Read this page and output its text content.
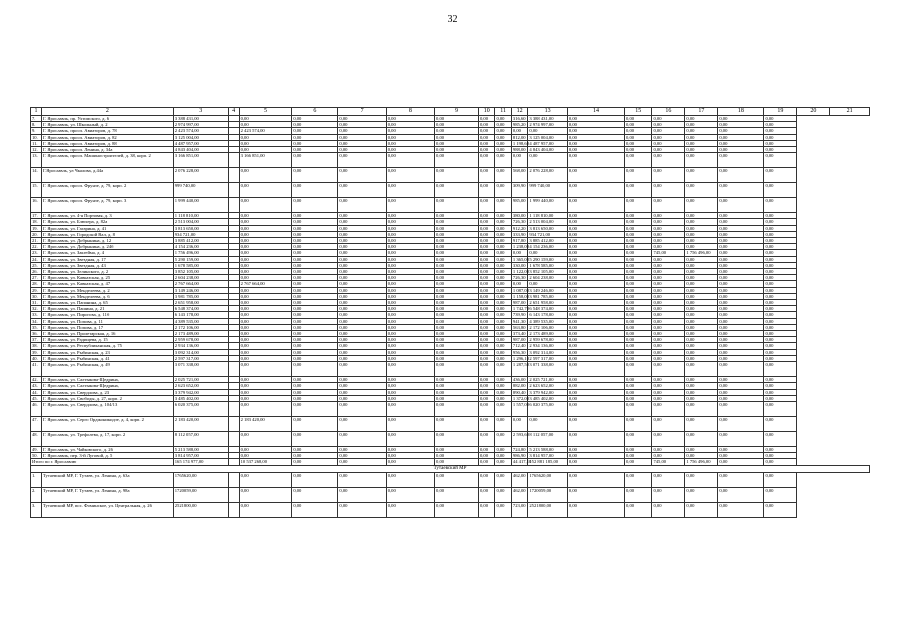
32
1	2	3	4	5	6	7	8	9	10	11	12	13	14	15	16	17	18	19	20	21
7.	Г. Ярославль, пр. Ухтомского, д. 6	3 388 431,00		0,00	0,00	0,00	0,00	0,00	0,00	0,00	316,60	3 388 431,00	0,00	0,00	0,00	0,00	0,00	0,00		
8.	Г. Ярославль, ул. Школьный, д. 2	2 974 997,00		0,00	0,00	0,00	0,00	0,00	0,00	0,00	985,20	2 974 997,00	0,00	0,00	0,00	0,00	0,00	0,00		
9.	Г. Ярославль, просп. Авиаторов, д. 78	2 423 574,00		2 423 574,00	0,00	0,00	0,00	0,00	0,00	0,00	0,00	0,00	0,00	0,00	0,00	0,00	0,00	0,00		
10.	Г. Ярославль, просп. Авиаторов, д. 82	3 125 004,00		0,00	0,00	0,00	0,00	0,00	0,00	0,00	812,00	3 125 004,00	0,00	0,00	0,00	0,00	0,00	0,00		
11.	Г. Ярославль, просп. Авиаторов, д. 88	4 487 957,00		0,00	0,00	0,00	0,00	0,00	0,00	0,00	1 198,60	4 487 957,00	0,00	0,00	0,00	0,00	0,00	0,00		
12.	Г. Ярославль, просп. Ленина, д. 34а	4 843 404,00		0,00	0,00	0,00	0,00	0,00	0,00	0,00	988,00	4 843 404,00	0,00	0,00	0,00	0,00	0,00	0,00		
13.	Г. Ярославль, просп. Машиностроителей, д. 38, корп. 2	3 166 851,00		3 166 851,00	0,00	0,00	0,00	0,00	0,00	0,00	0,00	0,00	0,00	0,00	0,00	0,00	0,00	0,00		
14.	Г.Ярославль, ул Чкалова, д.44а	2 076 228,00		0,00	0,00	0,00	0,00	0,00	0,00	0,00	568,00	2 076 228,00	0,00	0,00	0,00	0,00	0,00	0,00		
15.	Г. Ярославль, просп. Фрунзе, д. 79, корп. 2	999 740,00		0,00	0,00	0,00	0,00	0,00	0,00	0,00	309,90	999 740,00	0,00	0,00	0,00	0,00	0,00	0,00		
16.	Г. Ярославль, просп. Фрунзе, д. 79, корп. 3	1 999 440,00		0,00	0,00	0,00	0,00	0,00	0,00	0,00	985,00	1 999 440,00	0,00	0,00	0,00	0,00	0,00	0,00		
17.	Г. Ярославль, ул. 4-я Портовая, д. 3	1 118 810,00		0,00	0,00	0,00	0,00	0,00	0,00	0,00	380,00	1 118 810,00	0,00	0,00	0,00	0,00	0,00	0,00		
18.	Г. Ярославль, ул. Блюхера, д. 82а	2 513 004,00		0,00	0,00	0,00	0,00	0,00	0,00	0,00	726,30	2 513 004,00	0,00	0,00	0,00	0,00	0,00	0,00		
19.	Г. Ярославль, ул. Гагарина, д. 41	3 813 650,00		0,00	0,00	0,00	0,00	0,00	0,00	0,00	912,20	3 813 650,00	0,00	0,00	0,00	0,00	0,00	0,00		
20.	Г. Ярославль, ул. Городской Вал, д. 8	934 721,00		0,00	0,00	0,00	0,00	0,00	0,00	0,00	333,90	934 721,00	0,00	0,00	0,00	0,00	0,00	0,00		
21.	Г. Ярославль, ул. Добрынина, д. 12	3 885 412,00		0,00	0,00	0,00	0,00	0,00	0,00	0,00	917,80	3 885 412,00	0,00	0,00	0,00	0,00	0,00	0,00		
22.	Г. Ярославль, ул. Добрынина, д. 24б	4 154 236,00		0,00	0,00	0,00	0,00	0,00	0,00	0,00	1 238,00	4 154 236,00	0,00	0,00	0,00	0,00	0,00	0,00		
23.	Г. Ярославль, ул. Закгейма, д. 4	1 756 496,00		0,00	0,00	0,00	0,00	0,00	0,00	0,00	0,00	0,00	0,00	0,00	745,00	1 756 496,00	0,00	0,00		
24.	Г. Ярославль, ул. Звездная, д. 17	5 290 159,00		0,00	0,00	0,00	0,00	0,00	0,00	0,00	1 365,00	5 290 159,00	0,00	0,00	0,00	0,00	0,00	0,00		
25.	Г. Ярославль, ул. Звездная, д. 43	1 678 585,00		0,00	0,00	0,00	0,00	0,00	0,00	0,00	330,00	1 678 585,00	0,00	0,00	0,00	0,00	0,00	0,00		
26.	Г. Ярославль, ул. Зелинского, д. 2	3 852 105,00		0,00	0,00	0,00	0,00	0,00	0,00	0,00	1 122,00	3 852 105,00	0,00	0,00	0,00	0,00	0,00	0,00		
27.	Г. Ярославль, ул. Кавказская, д. 25	2 604 238,00		0,00	0,00	0,00	0,00	0,00	0,00	0,00	726,30	2 604 238,00	0,00	0,00	0,00	0,00	0,00	0,00		
28.	Г. Ярославль, ул. Кавказская, д. 47	2 767 664,00		2 767 664,00	0,00	0,00	0,00	0,00	0,00	0,00	0,00	0,00	0,00	0,00	0,00	0,00	0,00	0,00		
29.	Г. Ярославль, ул. Менделеева, д. 2	3 149 246,00		0,00	0,00	0,00	0,00	0,00	0,00	0,00	1 087,00	3 149 246,00	0,00	0,00	0,00	0,00	0,00	0,00		
30.	Г. Ярославль, ул. Менделеева, д. 6	3 981 785,00		0,00	0,00	0,00	0,00	0,00	0,00	0,00	1 158,00	3 981 785,00	0,00	0,00	0,00	0,00	0,00	0,00		
31.	Г. Ярославль, ул. Папанина, д. 65	2 651 958,00		0,00	0,00	0,00	0,00	0,00	0,00	0,00	987,00	2 651 958,00	0,00	0,00	0,00	0,00	0,00	0,00		
32.	Г. Ярославль, ул. Пашина, д. 21	6 548 374,00		0,00	0,00	0,00	0,00	0,00	0,00	0,00	1 742,70	6 548 374,00	0,00	0,00	0,00	0,00	0,00	0,00		
33.	Г. Ярославль, ул. Пирогова, д. 11б	6 143 178,00		0,00	0,00	0,00	0,00	0,00	0,00	0,00	739,90	6 143 178,00	0,00	0,00	0,00	0,00	0,00	0,00		
34.	Г. Ярославль, ул. Попова, д. 11	4 389 535,00		0,00	0,00	0,00	0,00	0,00	0,00	0,00	941,30	4 389 535,00	0,00	0,00	0,00	0,00	0,00	0,00		
35.	Г. Ярославль, ул. Попова, д. 17	2 172 106,00		0,00	0,00	0,00	0,00	0,00	0,00	0,00	563,80	2 172 106,00	0,00	0,00	0,00	0,00	0,00	0,00		
36.	Г. Ярославль, ул. Пролетарская, д. 16	2 173 489,00		0,00	0,00	0,00	0,00	0,00	0,00	0,00	373,40	2 173 489,00	0,00	0,00	0,00	0,00	0,00	0,00		
37.	Г. Ярославль, ул. Радищева, д. 15	2 959 678,00		0,00	0,00	0,00	0,00	0,00	0,00	0,00	987,00	2 959 678,00	0,00	0,00	0,00	0,00	0,00	0,00		
38.	Г. Ярославль, ул. Республиканская, д. 75	2 934 136,00		0,00	0,00	0,00	0,00	0,00	0,00	0,00	712,40	2 934 136,00	0,00	0,00	0,00	0,00	0,00	0,00		
39.	Г. Ярославль, ул. Рыбинская, д. 23	3 092 314,00		0,00	0,00	0,00	0,00	0,00	0,00	0,00	956,30	3 092 314,00	0,00	0,00	0,00	0,00	0,00	0,00		
40.	Г. Ярославль, ул. Рыбинская, д. 41	2 597 317,00		0,00	0,00	0,00	0,00	0,00	0,00	0,00	1 296,10	2 597 317,00	0,00	0,00	0,00	0,00	0,00	0,00		
41.	Г. Ярославль, ул. Рыбинская, д. 49	3 071 338,00		0,00	0,00	0,00	0,00	0,00	0,00	0,00	1 287,50	3 071 338,00	0,00	0,00	0,00	0,00	0,00	0,00		
42.	Г. Ярославль, ул. Салтыкова-Щедрина,	2 025 721,00		0,00	0,00	0,00	0,00	0,00	0,00	0,00	436,00	2 025 721,00	0,00	0,00	0,00	0,00	0,00	0,00		
43.	Г. Ярославль, ул. Салтыкова-Щедрина,	2 623 652,00		0,00	0,00	0,00	0,00	0,00	0,00	0,00	882,00	2 623 652,00	0,00	0,00	0,00	0,00	0,00	0,00		
44.	Г. Ярославль, ул. Свердлова, д. 23	3 379 942,00		0,00	0,00	0,00	0,00	0,00	0,00	0,00	890,40	3 379 942,00	0,00	0,00	0,00	0,00	0,00	0,00		
45.	Г. Ярославль, ул. Свободы, д. 27, корп. 2	3 485 402,00		0,00	0,00	0,00	0,00	0,00	0,00	0,00	1 372,00	3 485 402,00	0,00	0,00	0,00	0,00	0,00	0,00		
46.	Г. Ярославль, ул. Свердлова, д. 104/13	6 020 375,00		0,00	0,00	0,00	0,00	0,00	0,00	0,00	1 557,00	6 020 375,00	0,00	0,00	0,00	0,00	0,00	0,00		
47.	Г. Ярославль, ул. Серго Орджоникидзе, д. 4, корп. 2	2 183 420,00		2 183 420,00	0,00	0,00	0,00	0,00	0,00	0,00	0,00	0,00	0,00	0,00	0,00	0,00	0,00	0,00		
48.	Г. Ярославль, ул. Трефолева, д. 17, корп. 2	8 112 057,00		0,00	0,00	0,00	0,00	0,00	0,00	0,00	2 593,60	8 112 057,00	0,00	0,00	0,00	0,00	0,00	0,00		
49.	Г. Ярославль, ул. Чайковского, д. 26	5 213 588,00		0,00	0,00	0,00	0,00	0,00	0,00	0,00	724,80	5 213 588,00	0,00	0,00	0,00	0,00	0,00	0,00		
50.	Г. Ярославль, пер. 3-й Луговой, д. 5	3 814 957,00		0,00	0,00	0,00	0,00	0,00	0,00	0,00	986,90	3 814 957,00	0,00	0,00	0,00	0,00	0,00	0,00		
Итого по г. Ярославлю		165 174 977,00		10 537 268,00	0,00	0,00	0,00	0,00	0,00	0,00	44 417,10	152 881 185,00	0,00	0,00	745,00	1 756 496,00	0,00	0,00		
Тутаевский МР																				
1.	Тутаевский МР, Г. Тутаев, ул. Ленина, д. 63а	1765620,00		0,00	0,00	0,00	0,00	0,00	0,00	0,00	462,00	1765620,00	0,00	0,00	0,00	0,00	0,00	0,00		
2.	Тутаевский МР, Г. Тутаев, ул. Ленина, д. 98а	1720059,00		0,00	0,00	0,00	0,00	0,00	0,00	0,00	462,00	1720059,00	0,00	0,00	0,00	0,00	0,00	0,00		
3.	Тутаевский МР, пос. Фоминское, ул. Центральная, д. 26	2521800,00		0,00	0,00	0,00	0,00	0,00	0,00	0,00	723,00	2521800,00	0,00	0,00	0,00	0,00	0,00	0,00		
